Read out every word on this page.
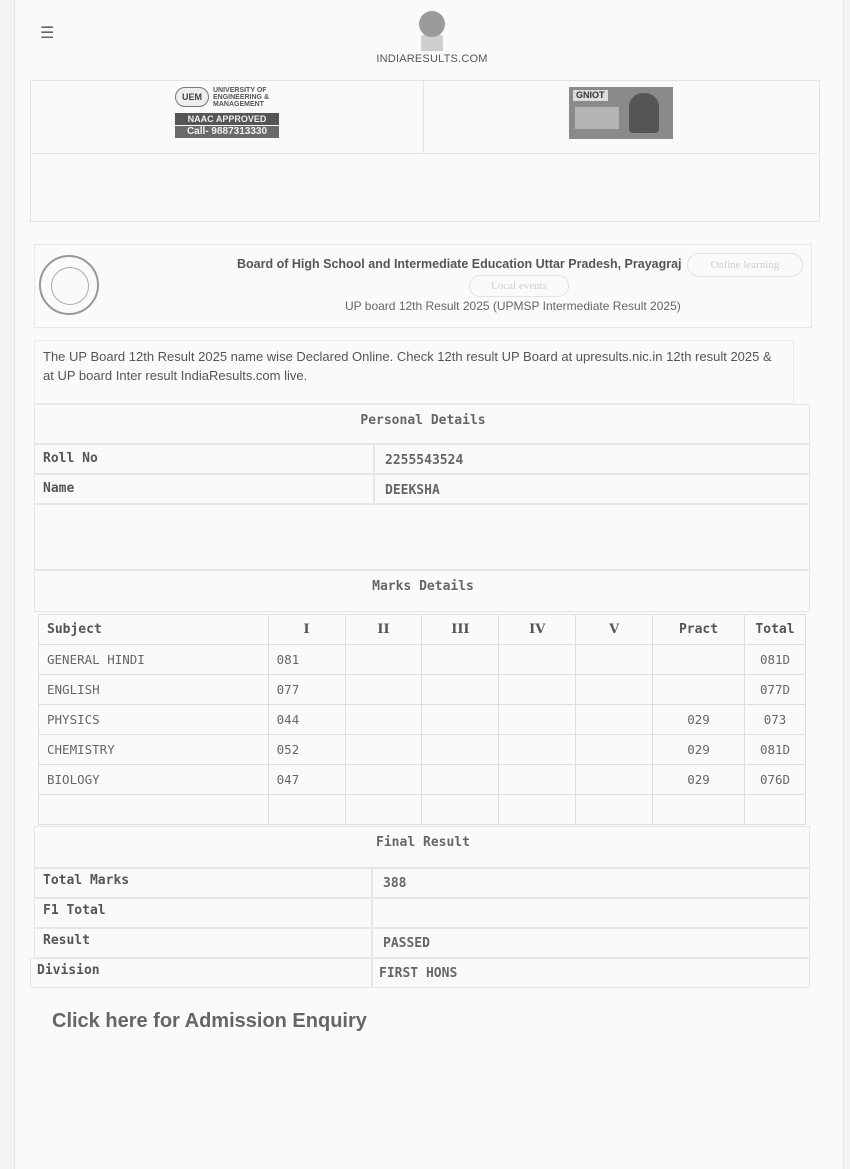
☰
INDIARESULTS.COM
UEM
UNIVERSITY OF ENGINEERING & MANAGEMENT
NAAC APPROVED
Call- 9887313330
GNIOT
Board of High School and Intermediate Education Uttar Pradesh, Prayagraj	Online learning
Local events
UP board 12th Result 2025 (UPMSP Intermediate Result 2025)
The UP Board 12th Result 2025 name wise Declared Online. Check 12th result UP Board at upresults.nic.in 12th result 2025 & at UP board Inter result IndiaResults.com live.
Personal Details
Roll No	2255543524
Name	DEEKSHA
Marks Details
Subject	I	II	III	IV	V	Pract	Total
GENERAL HINDI	081						081D
ENGLISH	077						077D
PHYSICS	044					029	073
CHEMISTRY	052					029	081D
BIOLOGY	047					029	076D

Final Result
Total Marks	388
F1 Total
Result	PASSED
Division	FIRST HONS
Click here for Admission Enquiry
